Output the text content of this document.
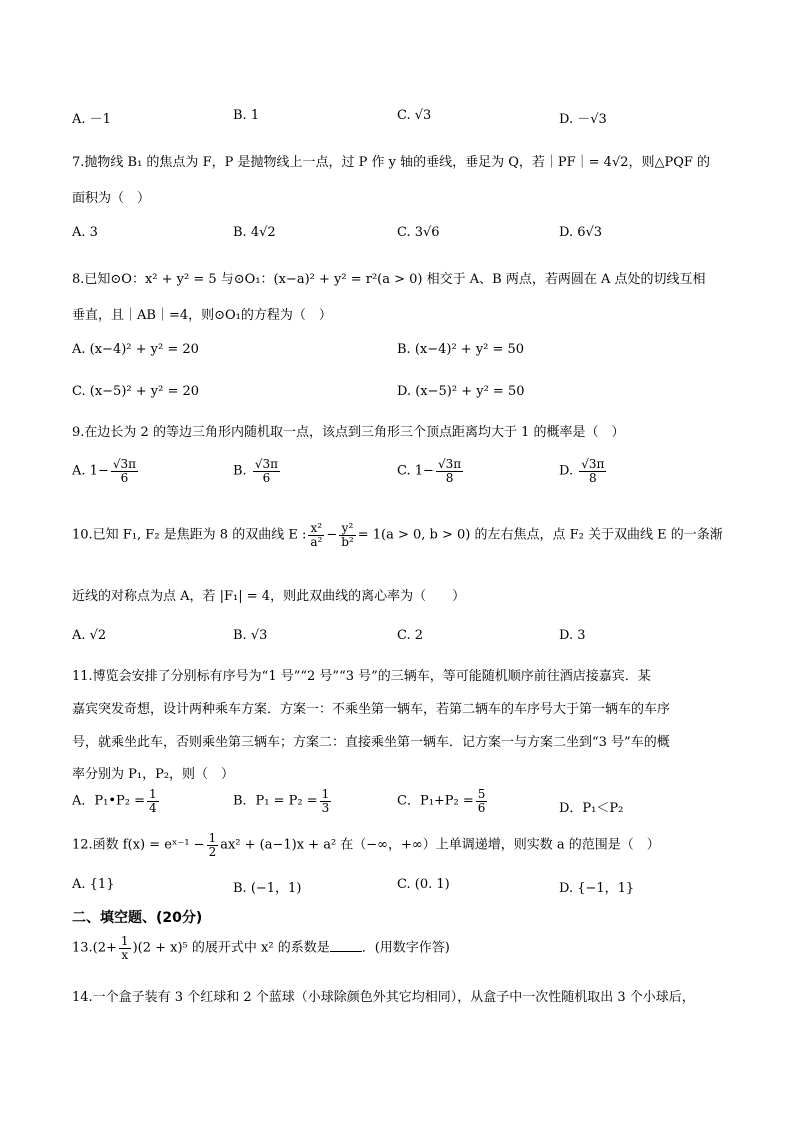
A. －1	B. 1	C. √3	D. －√3
7.抛物线 B₁ 的焦点为 F，P 是抛物线上一点，过 P 作 y 轴的垂线，垂足为 Q，若｜PF｜= 4√2，则△PQF 的
面积为（　）
A. 3	B. 4√2	C. 3√6	D. 6√3
8.已知⊙O：x² + y² = 5 与⊙O₁：(x−a)² + y² = r²(a > 0) 相交于 A、B 两点，若两圆在 A 点处的切线互相
垂直，且｜AB｜=4，则⊙O₁的方程为（　）
A. (x−4)² + y² = 20	B. (x−4)² + y² = 50
C. (x−5)² + y² = 20	D. (x−5)² + y² = 50
9.在边长为 2 的等边三角形内随机取一点，该点到三角形三个顶点距离均大于 1 的概率是（　）
A. $1- \frac{√3\pi}{6}$	B. $\frac{√3\pi}{6}$	C. $1- \frac{√3\pi}{8}$	D. $\frac{√3\pi}{8}$
10.已知 F₁, F₂ 是焦距为 8 的双曲线 E : $\frac{\text{x²}}{\text{a²}} - \frac{\text{y²}}{\text{b²}} = 1(a > 0$, b > 0) 的左右焦点，点 F₂ 关于双曲线 E 的一条渐
近线的对称点为点 A，若 |F₁| = 4，则此双曲线的离心率为（　　）
A. √2	B. √3	C. 2	D. 3
11.博览会安排了分别标有序号为“1 号”“2 号”“3 号”的三辆车，等可能随机顺序前往酒店接嘉宾．某
嘉宾突发奇想，设计两种乘车方案．方案一：不乘坐第一辆车，若第二辆车的车序号大于第一辆车的车序
号，就乘坐此车，否则乘坐第三辆车；方案二：直接乘坐第一辆车．记方案一与方案二坐到“3 号”车的概
率分别为 P₁，P₂，则（　）
A．P₁•P₂ = $\frac{1}{4}$	B．$P_1 = P_2 = \frac{1}{3}$	C．$P_1+P_2 = \frac{5}{6}$	D．P₁＜P₂
12.函数 f(x) = eˣ⁻¹ − $\frac{1}{2} ax^2 + (a-1)x + a^2$ 在（−∞，+∞）上单调递增，则实数 a 的范围是（　）
A. {1}	B. (−1，1)	C. (0. 1)	D. {−1，1}
二、填空题、(20分)
$13.(2+ \frac{1}{x} )(2 + x)^5$ 的展开式中 x² 的系数是 ．(用数字作答)
14.一个盒子装有 3 个红球和 2 个蓝球（小球除颜色外其它均相同），从盒子中一次性随机取出 3 个小球后，
